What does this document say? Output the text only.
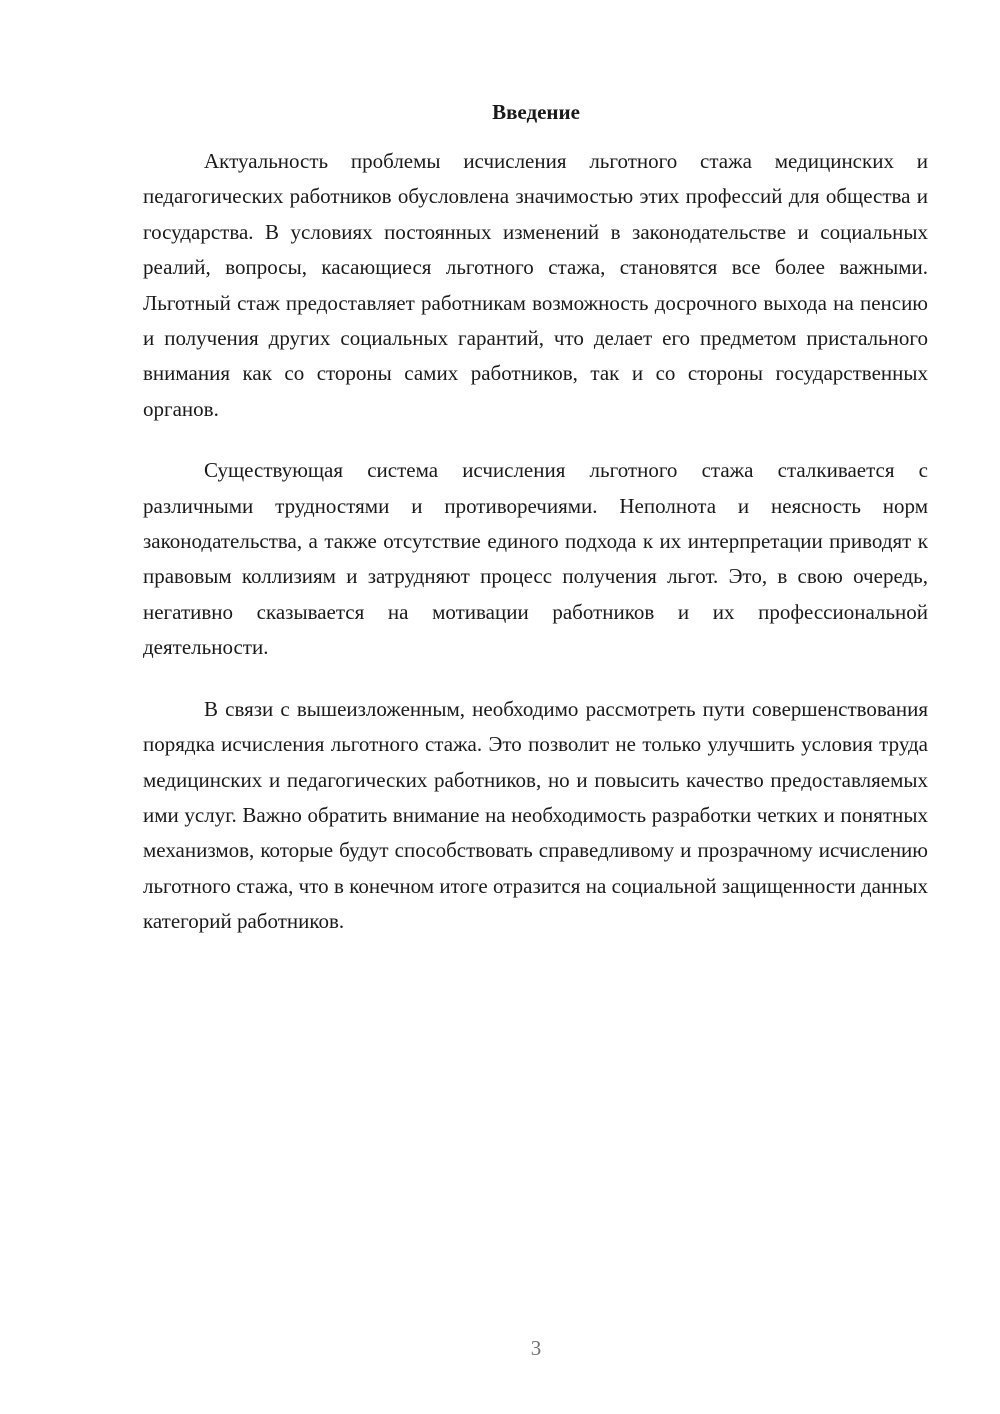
Введение

Актуальность проблемы исчисления льготного стажа медицинских и педагогических работников обусловлена значимостью этих профессий для общества и государства. В условиях постоянных изменений в законодательстве и социальных реалий, вопросы, касающиеся льготного стажа, становятся все более важными. Льготный стаж предоставляет работникам возможность досрочного выхода на пенсию и получения других социальных гарантий, что делает его предметом пристального внимания как со стороны самих работников, так и со стороны государственных органов.

Существующая система исчисления льготного стажа сталкивается с различными трудностями и противоречиями. Неполнота и неясность норм законодательства, а также отсутствие единого подхода к их интерпретации приводят к правовым коллизиям и затрудняют процесс получения льгот. Это, в свою очередь, негативно сказывается на мотивации работников и их профессиональной деятельности.

В связи с вышеизложенным, необходимо рассмотреть пути совершенствования порядка исчисления льготного стажа. Это позволит не только улучшить условия труда медицинских и педагогических работников, но и повысить качество предоставляемых ими услуг. Важно обратить внимание на необходимость разработки четких и понятных механизмов, которые будут способствовать справедливому и прозрачному исчислению льготного стажа, что в конечном итоге отразится на социальной защищенности данных категорий работников.

3
